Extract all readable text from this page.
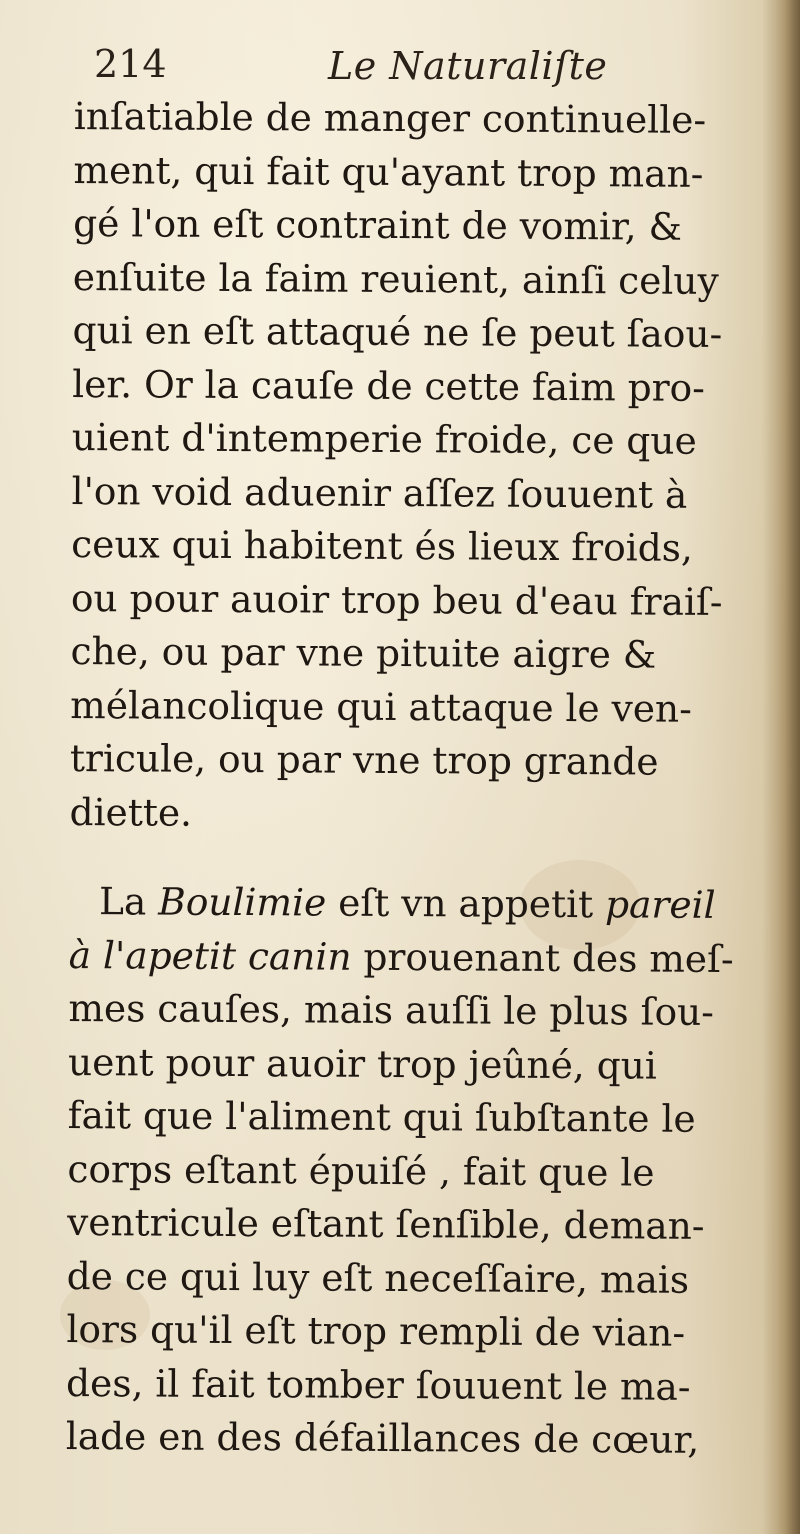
214	Le Naturaliſte
inſatiable de manger continuelle-
ment, qui fait qu'ayant trop man-
gé l'on eſt contraint de vomir, &
enſuite la faim reuient, ainſi celuy
qui en eſt attaqué ne ſe peut ſaou-
ler. Or la cauſe de cette faim pro-
uient d'intemperie froide, ce que
l'on void aduenir aſſez ſouuent à
ceux qui habitent és lieux froids,
ou pour auoir trop beu d'eau fraiſ-
che, ou par vne pituite aigre &
mélancolique qui attaque le ven-
tricule, ou par vne trop grande
diette.
La Boulimie eſt vn appetit pareil
à l'apetit canin prouenant des meſ-
mes cauſes, mais auſſi le plus ſou-
uent pour auoir trop jeûné, qui
fait que l'aliment qui ſubſtante le
corps eſtant épuiſé , fait que le
ventricule eſtant ſenſible, deman-
de ce qui luy eſt neceſſaire, mais
lors qu'il eſt trop rempli de vian-
des, il fait tomber ſouuent le ma-
lade en des défaillances de cœur,
